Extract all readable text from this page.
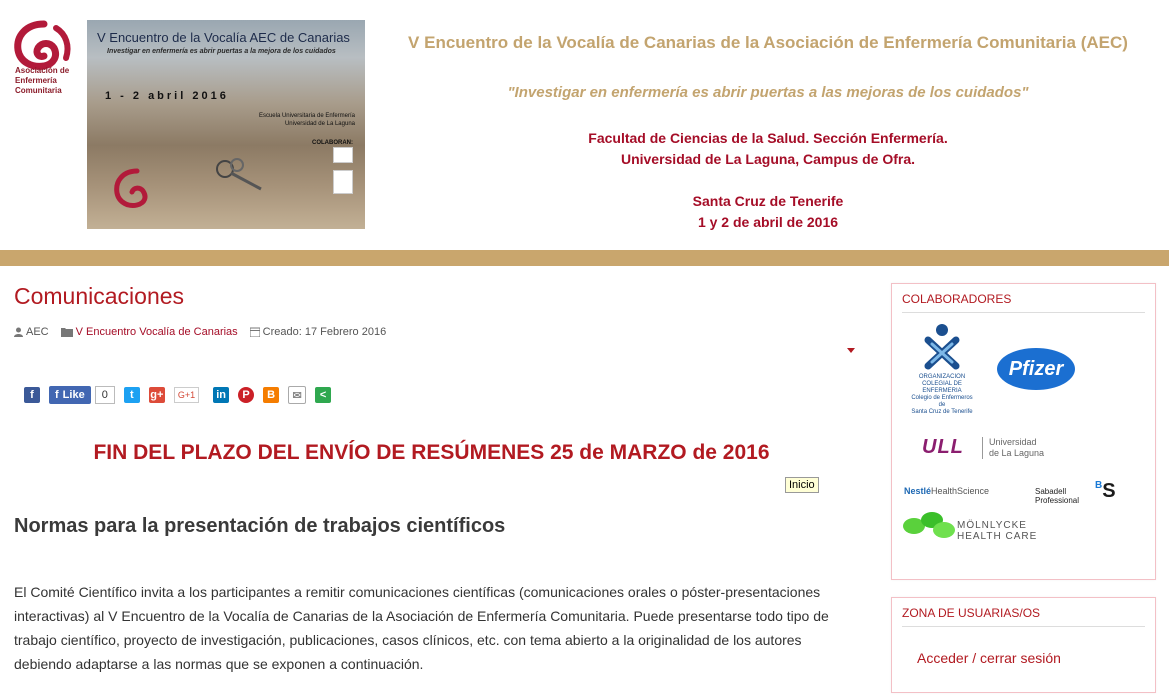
Asociación de
Enfermería
Comunitaria
V Encuentro de la Vocalía AEC de Canarias
Investigar en enfermería es abrir puertas a la mejora de los cuidados
1 - 2 abril 2016
Escuela Universitaria de Enfermería
Universidad de La Laguna
COLABORAN:
V Encuentro de la Vocalía de Canarias de la Asociación de Enfermería Comunitaria (AEC)
"Investigar en enfermería es abrir puertas a las mejoras de los cuidados"
Facultad de Ciencias de la Salud. Sección Enfermería.
Universidad de La Laguna, Campus de Ofra.
Santa Cruz de Tenerife
1 y 2 de abril de 2016
Comunicaciones
AEC V Encuentro Vocalía de Canarias Creado: 17 Febrero 2016
f	f Like	0	t	g+	G+1	in	P	B	✉	<
FIN DEL PLAZO DEL ENVÍO DE RESÚMENES 25 de MARZO de 2016
Inicio
Normas para la presentación de trabajos científicos
El Comité Científico invita a los participantes a remitir comunicaciones científicas (comunicaciones orales o póster-presentaciones interactivas) al V Encuentro de la Vocalía de Canarias de la Asociación de Enfermería Comunitaria. Puede presentarse todo tipo de trabajo científico, proyecto de investigación, publicaciones, casos clínicos, etc. con tema abierto a la originalidad de los autores debiendo adaptarse a las normas que se exponen a continuación.
COLABORADORES
ORGANIZACION
COLEGIAL DE ENFERMERIA
Colegio de Enfermeros
de
Santa Cruz de Tenerife
Pfizer
ULL	Universidad
de La Laguna
NestléHealthScience	Sabadell
Professional
$^B$S
MÖLNLYCKE
HEALTH CARE
ZONA DE USUARIAS/OS
Acceder / cerrar sesión
